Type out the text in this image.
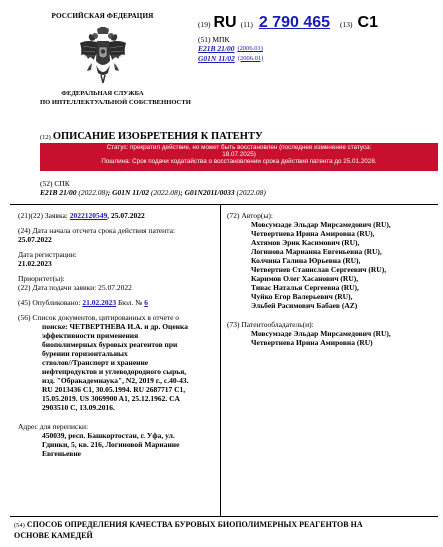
РОССИЙСКАЯ ФЕДЕРАЦИЯ
ФЕДЕРАЛЬНАЯ СЛУЖБА
ПО ИНТЕЛЛЕКТУАЛЬНОЙ СОБСТВЕННОСТИ
(19) RU (11) 2 790 465 (13) C1
(51) МПК
E21B 21/00 (2006.01)
G01N 11/02 (2006.01)
(12) ОПИСАНИЕ ИЗОБРЕТЕНИЯ К ПАТЕНТУ
Статус: прекратил действие, но может быть восстановлен (последнее изменение статуса:
18.07.2025)
Пошлина: Срок подачи ходатайства о восстановлении срока действия патента до 25.01.2028.
(52) СПК
E21B 21/00 (2022.08); G01N 11/02 (2022.08); G01N2011/0033 (2022.08)
(21)(22) Заявка: 2022120549, 25.07.2022
(24) Дата начала отсчета срока действия патента:
25.07.2022
Дата регистрации:
21.02.2023
Приоритет(ы):
(22) Дата подачи заявки: 25.07.2022
(45) Опубликовано: 21.02.2023 Бюл. № 6
(56) Список документов, цитированных в отчете о
поиске: ЧЕТВЕРТНЕВА И.А. и др. Оценка
эффективности применения
биополимерных буровых реагентов при
бурении горизонтальных
стволов//Транспорт и хранение
нефтепродуктов и углеводородного сырья,
изд. "Обракадемнаука", N2, 2019 г., с.40-43.
RU 2013436 C1, 30.05.1994. RU 2687717 C1,
15.05.2019. US 3069900 A1, 25.12.1962. CA
2903510 C, 13.09.2016.
Адрес для переписки:
450039, респ. Башкортостан, г. Уфа, ул.
Гдинки, 5, кв. 216, Логиновой Марианне
Евгеньевне
(72) Автор(ы):
Мовсумзаде Эльдар Мирсамедович (RU),
Четвертнева Ирина Амировна (RU),
Ахтямов Эрик Касимович (RU),
Логинова Марианна Евгеньевна (RU),
Колчина Галина Юрьевна (RU),
Четвертнев Станислав Сергеевич (RU),
Каримов Олег Хасанович (RU),
Тивас Наталья Сергеевна (RU),
Чуйко Егор Валерьевич (RU),
Эльбей Расимович Бабаев (AZ)
(73) Патентообладатель(и):
Мовсумзаде Эльдар Мирсамедович (RU),
Четвертнева Ирина Амировна (RU)
(54) СПОСОБ ОПРЕДЕЛЕНИЯ КАЧЕСТВА БУРОВЫХ БИОПОЛИМЕРНЫХ РЕАГЕНТОВ НА
ОСНОВЕ КАМЕДЕЙ
